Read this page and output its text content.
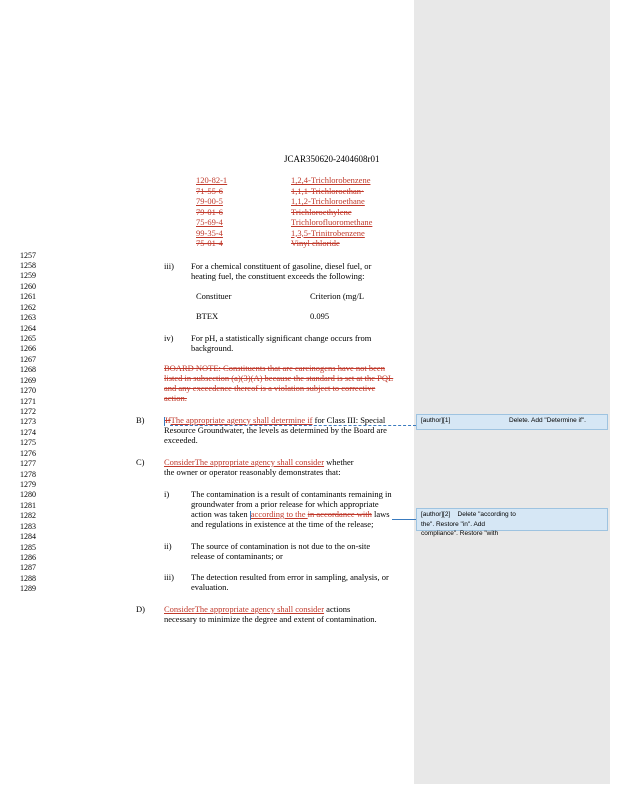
JCAR350620-2404608r01
120-82-1	1,2,4-Trichlorobenzene
71-55-6	1,1,1-Trichloroethan·
79-00-5	1,1,2-Trichloroethane
79-01-6	Trichloroethylene
75-69-4	Trichlorofluoromethane
99-35-4	1,3,5-Trinitrobenzene
75-01-4	Vinyl chloride
1257
1258
1259
1260
1261
1262
1263
1264
1265
1266
1267
1268
1269
1270
1271
1272
1273
1274
1275
1276
1277
1278
1279
1280
1281
1282
1283
1284
1285
1286
1287
1288
1289
iii) For a chemical constituent of gasoline, diesel fuel, or
heating fuel, the constituent exceeds the following:
Constituer	Criterion (mg/L
BTEX	0.095
iv) For pH, a statistically significant change occurs from
background.
BOARD NOTE: Constituents that are carcinogens have not been
listed in subsection (a)(3)(A) because the standard is set at the PQL
and any exceedence thereof is a violation subject to corrective
action.
B) IfThe appropriate agency shall determine if for Class III: Special
Resource Groundwater, the levels as determined by the Board are
exceeded.
C) ConsiderThe appropriate agency shall consider whether
the owner or operator reasonably demonstrates that:
i)	The contamination is a result of contaminants remaining in
groundwater from a prior release for which appropriate
action was taken according to the in accordance with laws
and regulations in existence at the time of the release;
ii) The source of contamination is not due to the on-site
release of contaminants; or
iii) The detection resulted from error in sampling, analysis, or
evaluation.
D) ConsiderThe appropriate agency shall consider actions
necessary to minimize the degree and extent of contamination.
[author][1]	Delete. Add "Determine if".
[author][2] Delete "according to the". Restore "in". Add compliance". Restore "with
